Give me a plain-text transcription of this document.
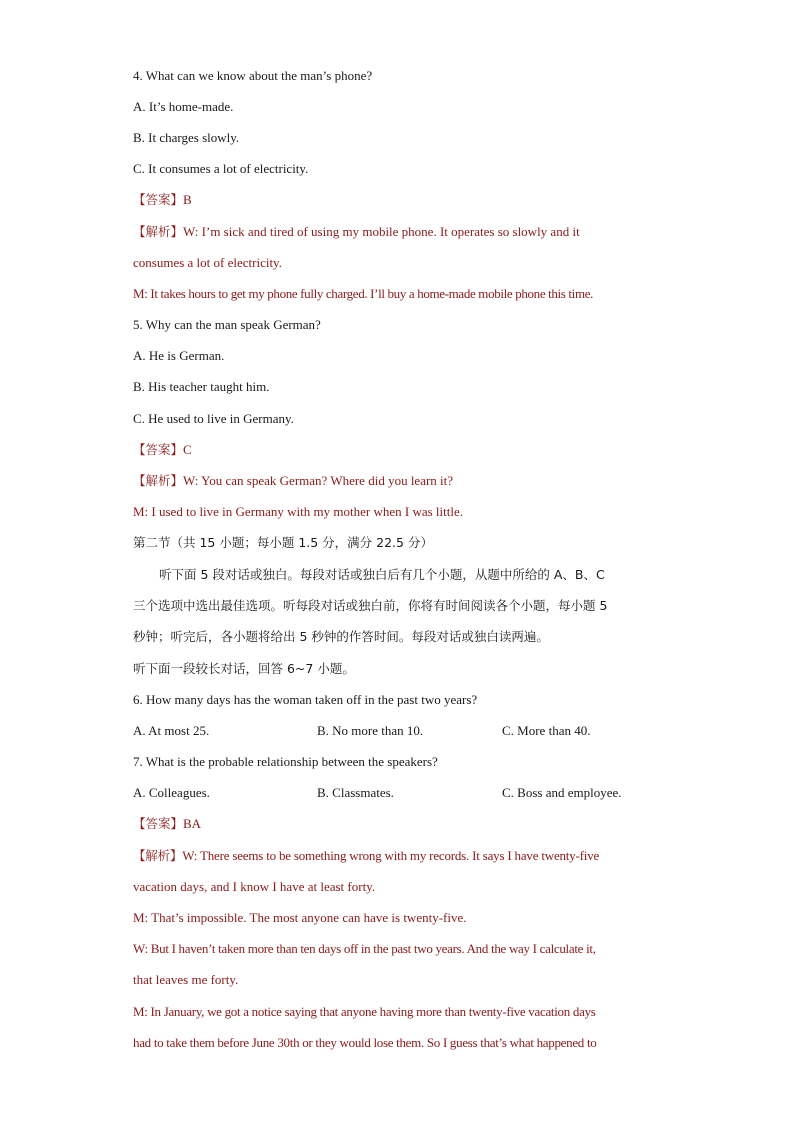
4. What can we know about the man’s phone?
A. It’s home-made.
B. It charges slowly.
C. It consumes a lot of electricity.
【答案】B
【解析】W: I’m sick and tired of using my mobile phone. It operates so slowly and it
consumes a lot of electricity.
M: It takes hours to get my phone fully charged. I’ll buy a home-made mobile phone this time.
5. Why can the man speak German?
A. He is German.
B. His teacher taught him.
C. He used to live in Germany.
【答案】C
【解析】W: You can speak German? Where did you learn it?
M: I used to live in Germany with my mother when I was little.
第二节（共 15 小题；每小题 1.5 分，满分 22.5 分）
听下面 5 段对话或独白。每段对话或独白后有几个小题，从题中所给的 A、B、C
三个选项中选出最佳选项。听每段对话或独白前，你将有时间阅读各个小题，每小题 5
秒钟；听完后，各小题将给出 5 秒钟的作答时间。每段对话或独白读两遍。
听下面一段较长对话，回答 6~7 小题。
6. How many days has the woman taken off in the past two years?
A. At most 25.	B. No more than 10.	C. More than 40.
7. What is the probable relationship between the speakers?
A. Colleagues.	B. Classmates.	C. Boss and employee.
【答案】BA
【解析】W: There seems to be something wrong with my records. It says I have twenty-five
vacation days, and I know I have at least forty.
M: That’s impossible. The most anyone can have is twenty-five.
W: But I haven’t taken more than ten days off in the past two years. And the way I calculate it,
that leaves me forty.
M: In January, we got a notice saying that anyone having more than twenty-five vacation days
had to take them before June 30th or they would lose them. So I guess that’s what happened to
